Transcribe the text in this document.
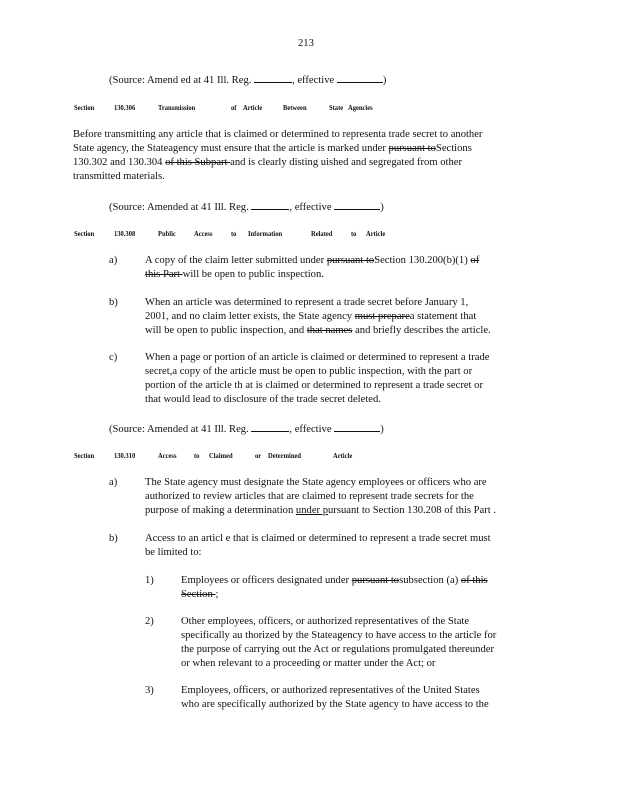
213
(Source: Amend ed at 41 Ill. Reg.	, effective	)
Section	130.306	Transmission	of Article	Between	State Agencies
Before transmitting any article that is claimed or determined to representa trade secret to another
State agency, the Stateagency must ensure that the article is marked under pursuant toSections
130.302 and 130.304 of this Subpart and is clearly disting uished and segregated from other
transmitted materials.
(Source: Amended at 41 Ill. Reg.	, effective	)
Section	130.308	Public Access to Information	Related to Article
a)	A copy of the claim letter submitted under pursuant toSection 130.200(b)(1) of
this Part will be open to public inspection.
b)	When an article was determined to represent a trade secret before January 1,
2001, and no claim letter exists, the State agency must preparea statement that
will be open to public inspection, and that names and briefly describes the article.
c)	When a page or portion of an article is claimed or determined to represent a trade
secret,a copy of the article must be open to public inspection, with the part or
portion of the article th at is claimed or determined to represent a trade secret or
that would lead to disclosure of the trade secret deleted.
(Source: Amended at 41 Ill. Reg.	, effective	)
Section	130.310	Access to Claimed	or Determined	Article
a)	The State agency must designate the State agency employees or officers who are
authorized to review articles that are claimed to represent trade secrets for the
purpose of making a determination under pursuant to Section 130.208 of this Part .
b)	Access to an articl e that is claimed or determined to represent a trade secret must
be limited to:
1)	Employees or officers designated under pursuant tosubsection (a) of this
Section ;
2)	Other employees, officers, or authorized representatives of the State
specifically au thorized by the Stateagency to have access to the article for
the purpose of carrying out the Act or regulations promulgated thereunder
or when relevant to a proceeding or matter under the Act; or
3)	Employees, officers, or authorized representatives of the United States
who are specifically authorized by the State agency to have access to the
